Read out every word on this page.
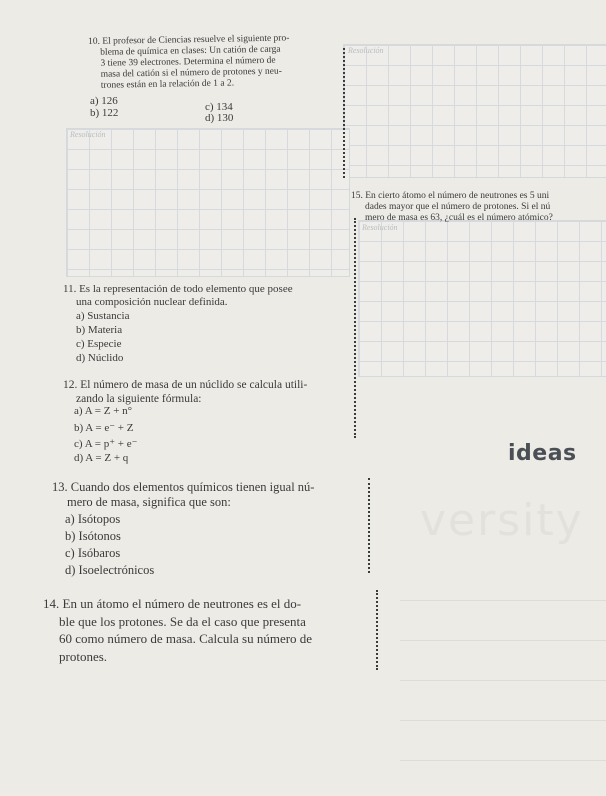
Resolución
Resolución
Resolución
versity
10. El profesor de Ciencias resuelve el siguiente pro-
blema de química en clases: Un catión de carga
3 tiene 39 electrones. Determina el número de
masa del catión si el número de protones y neu-
trones están en la relación de 1 a 2.
a) 126
b) 122	c) 134
d) 130
15. En cierto átomo el número de neutrones es 5 uni
dades mayor que el número de protones. Si el nú
mero de masa es 63, ¿cuál es el número atómico?
11. Es la representación de todo elemento que posee
una composición nuclear definida.
a) Sustancia
b) Materia
c) Especie
d) Núclido
12. El número de masa de un núclido se calcula utili-
zando la siguiente fórmula:
a) A = Z + n°
b) A = e⁻ + Z
c) A = p⁺ + e⁻
d) A = Z + q	ideas
13. Cuando dos elementos químicos tienen igual nú-
mero de masa, significa que son:
a) Isótopos
b) Isótonos
c) Isóbaros
d) Isoelectrónicos
14. En un átomo el número de neutrones es el do-
ble que los protones. Se da el caso que presenta
60 como número de masa. Calcula su número de
protones.
